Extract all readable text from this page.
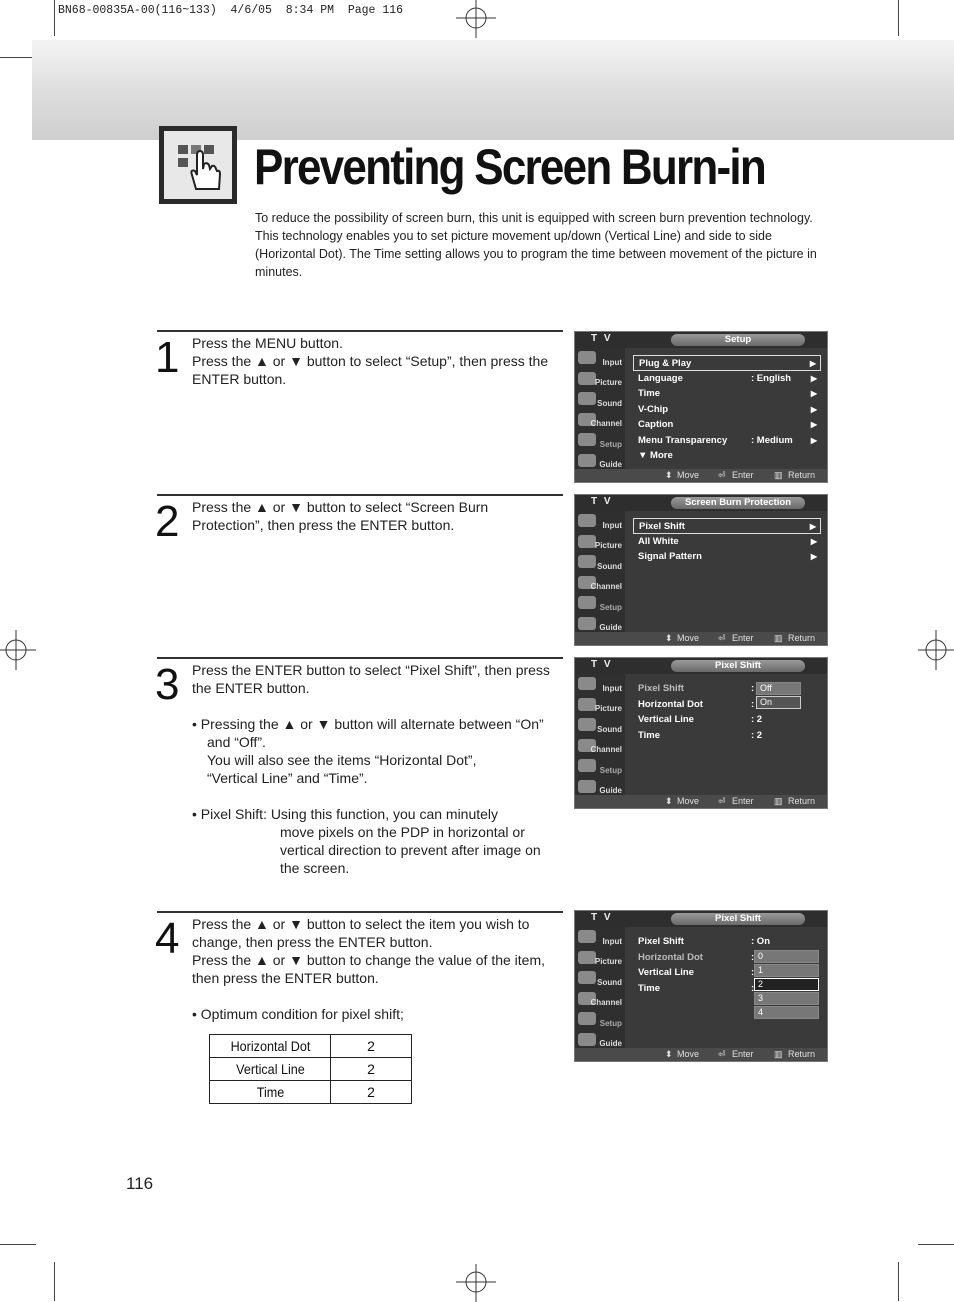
BN68-00835A-00(116~133)  4/6/05  8:34 PM  Page 116
Preventing Screen Burn-in
To reduce the possibility of screen burn, this unit is equipped with screen burn prevention technology. This technology enables you to set picture movement up/down (Vertical Line) and side to side (Horizontal Dot). The Time setting allows you to program the time between movement of the picture in minutes.
1 Press the MENU button.

Press the ▲ or ▼ button to select “Setup”, then press the ENTER button.

T V	Setup
Input
Picture
Sound
Channel
Setup
Guide
Plug & Play	▶
Language	: English ▶
Time	▶
V-Chip	▶
Caption	▶
Menu Transparency	: Medium ▶
▼ More
⬍ Move ⏎ Enter ▥ Return
2 Press the ▲ or ▼ button to select “Screen Burn Protection”, then press the ENTER button.

T V	Screen Burn Protection
Input
Picture
Sound
Channel
Setup
Guide
Pixel Shift	▶
All White	▶
Signal Pattern	▶
⬍ Move ⏎ Enter ▥ Return
3 Press the ENTER button to select “Pixel Shift”, then press the ENTER button.

• Pressing the ▲ or ▼ button will alternate between “On” and “Off”.

You will also see the items “Horizontal Dot”, “Vertical Line” and “Time”.

• Pixel Shift: Using this function, you can minutely

move pixels on the PDP in horizontal or vertical direction to prevent after image on the screen.

T V	Pixel Shift
Input
Picture
Sound
Channel
Setup
Guide
Pixel Shift	:
Horizontal Dot	:
Vertical Line	: 2
Time	: 2
Off
On
⬍ Move ⏎ Enter ▥ Return
4 Press the ▲ or ▼ button to select the item you wish to change, then press the ENTER button.

Press the ▲ or ▼ button to change the value of the item, then press the ENTER button.

• Optimum condition for pixel shift;

Horizontal Dot	2
Vertical Line	2
Time	2
T V	Pixel Shift
Input
Picture
Sound
Channel
Setup
Guide
Pixel Shift	: On
Horizontal Dot	:
Vertical Line	:
Time	:
0
1
2
3
4
⬍ Move ⏎ Enter ▥ Return
116
